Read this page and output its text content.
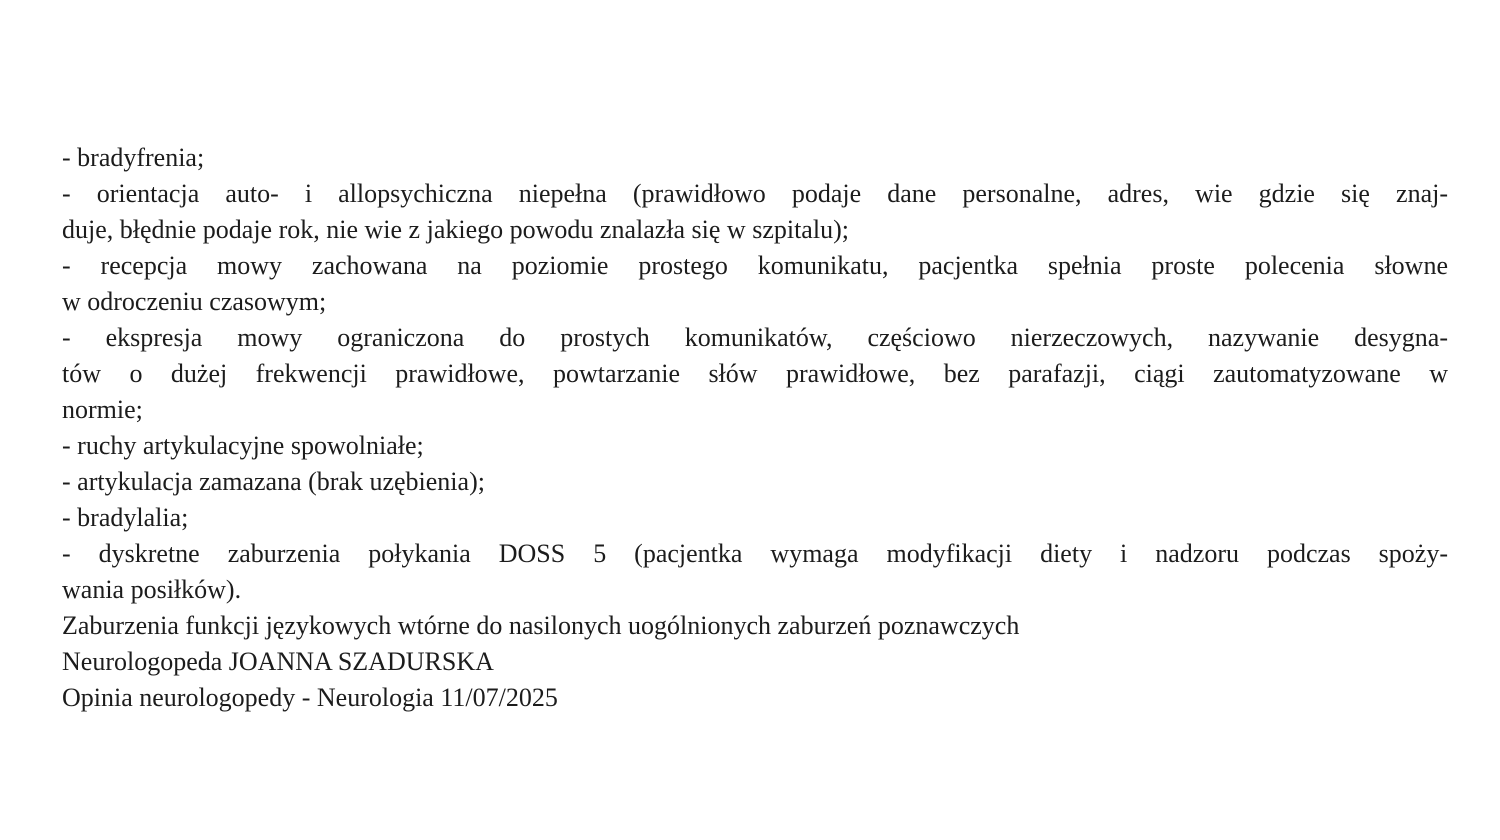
- bradyfrenia;
- orientacja auto- i allopsychiczna niepełna (prawidłowo podaje dane personalne, adres, wie gdzie się znaj-
duje, błędnie podaje rok, nie wie z jakiego powodu znalazła się w szpitalu);
- recepcja mowy zachowana na poziomie prostego komunikatu, pacjentka spełnia proste polecenia słowne
w odroczeniu czasowym;
- ekspresja mowy ograniczona do prostych komunikatów, częściowo nierzeczowych, nazywanie desygna-
tów o dużej frekwencji prawidłowe, powtarzanie słów prawidłowe, bez parafazji, ciągi zautomatyzowane w
normie;
- ruchy artykulacyjne spowolniałe;
- artykulacja zamazana (brak uzębienia);
- bradylalia;
- dyskretne zaburzenia połykania DOSS 5 (pacjentka wymaga modyfikacji diety i nadzoru podczas spoży-
wania posiłków).
Zaburzenia funkcji językowych wtórne do nasilonych uogólnionych zaburzeń poznawczych
Neurologopeda JOANNA SZADURSKA
Opinia neurologopedy - Neurologia 11/07/2025
